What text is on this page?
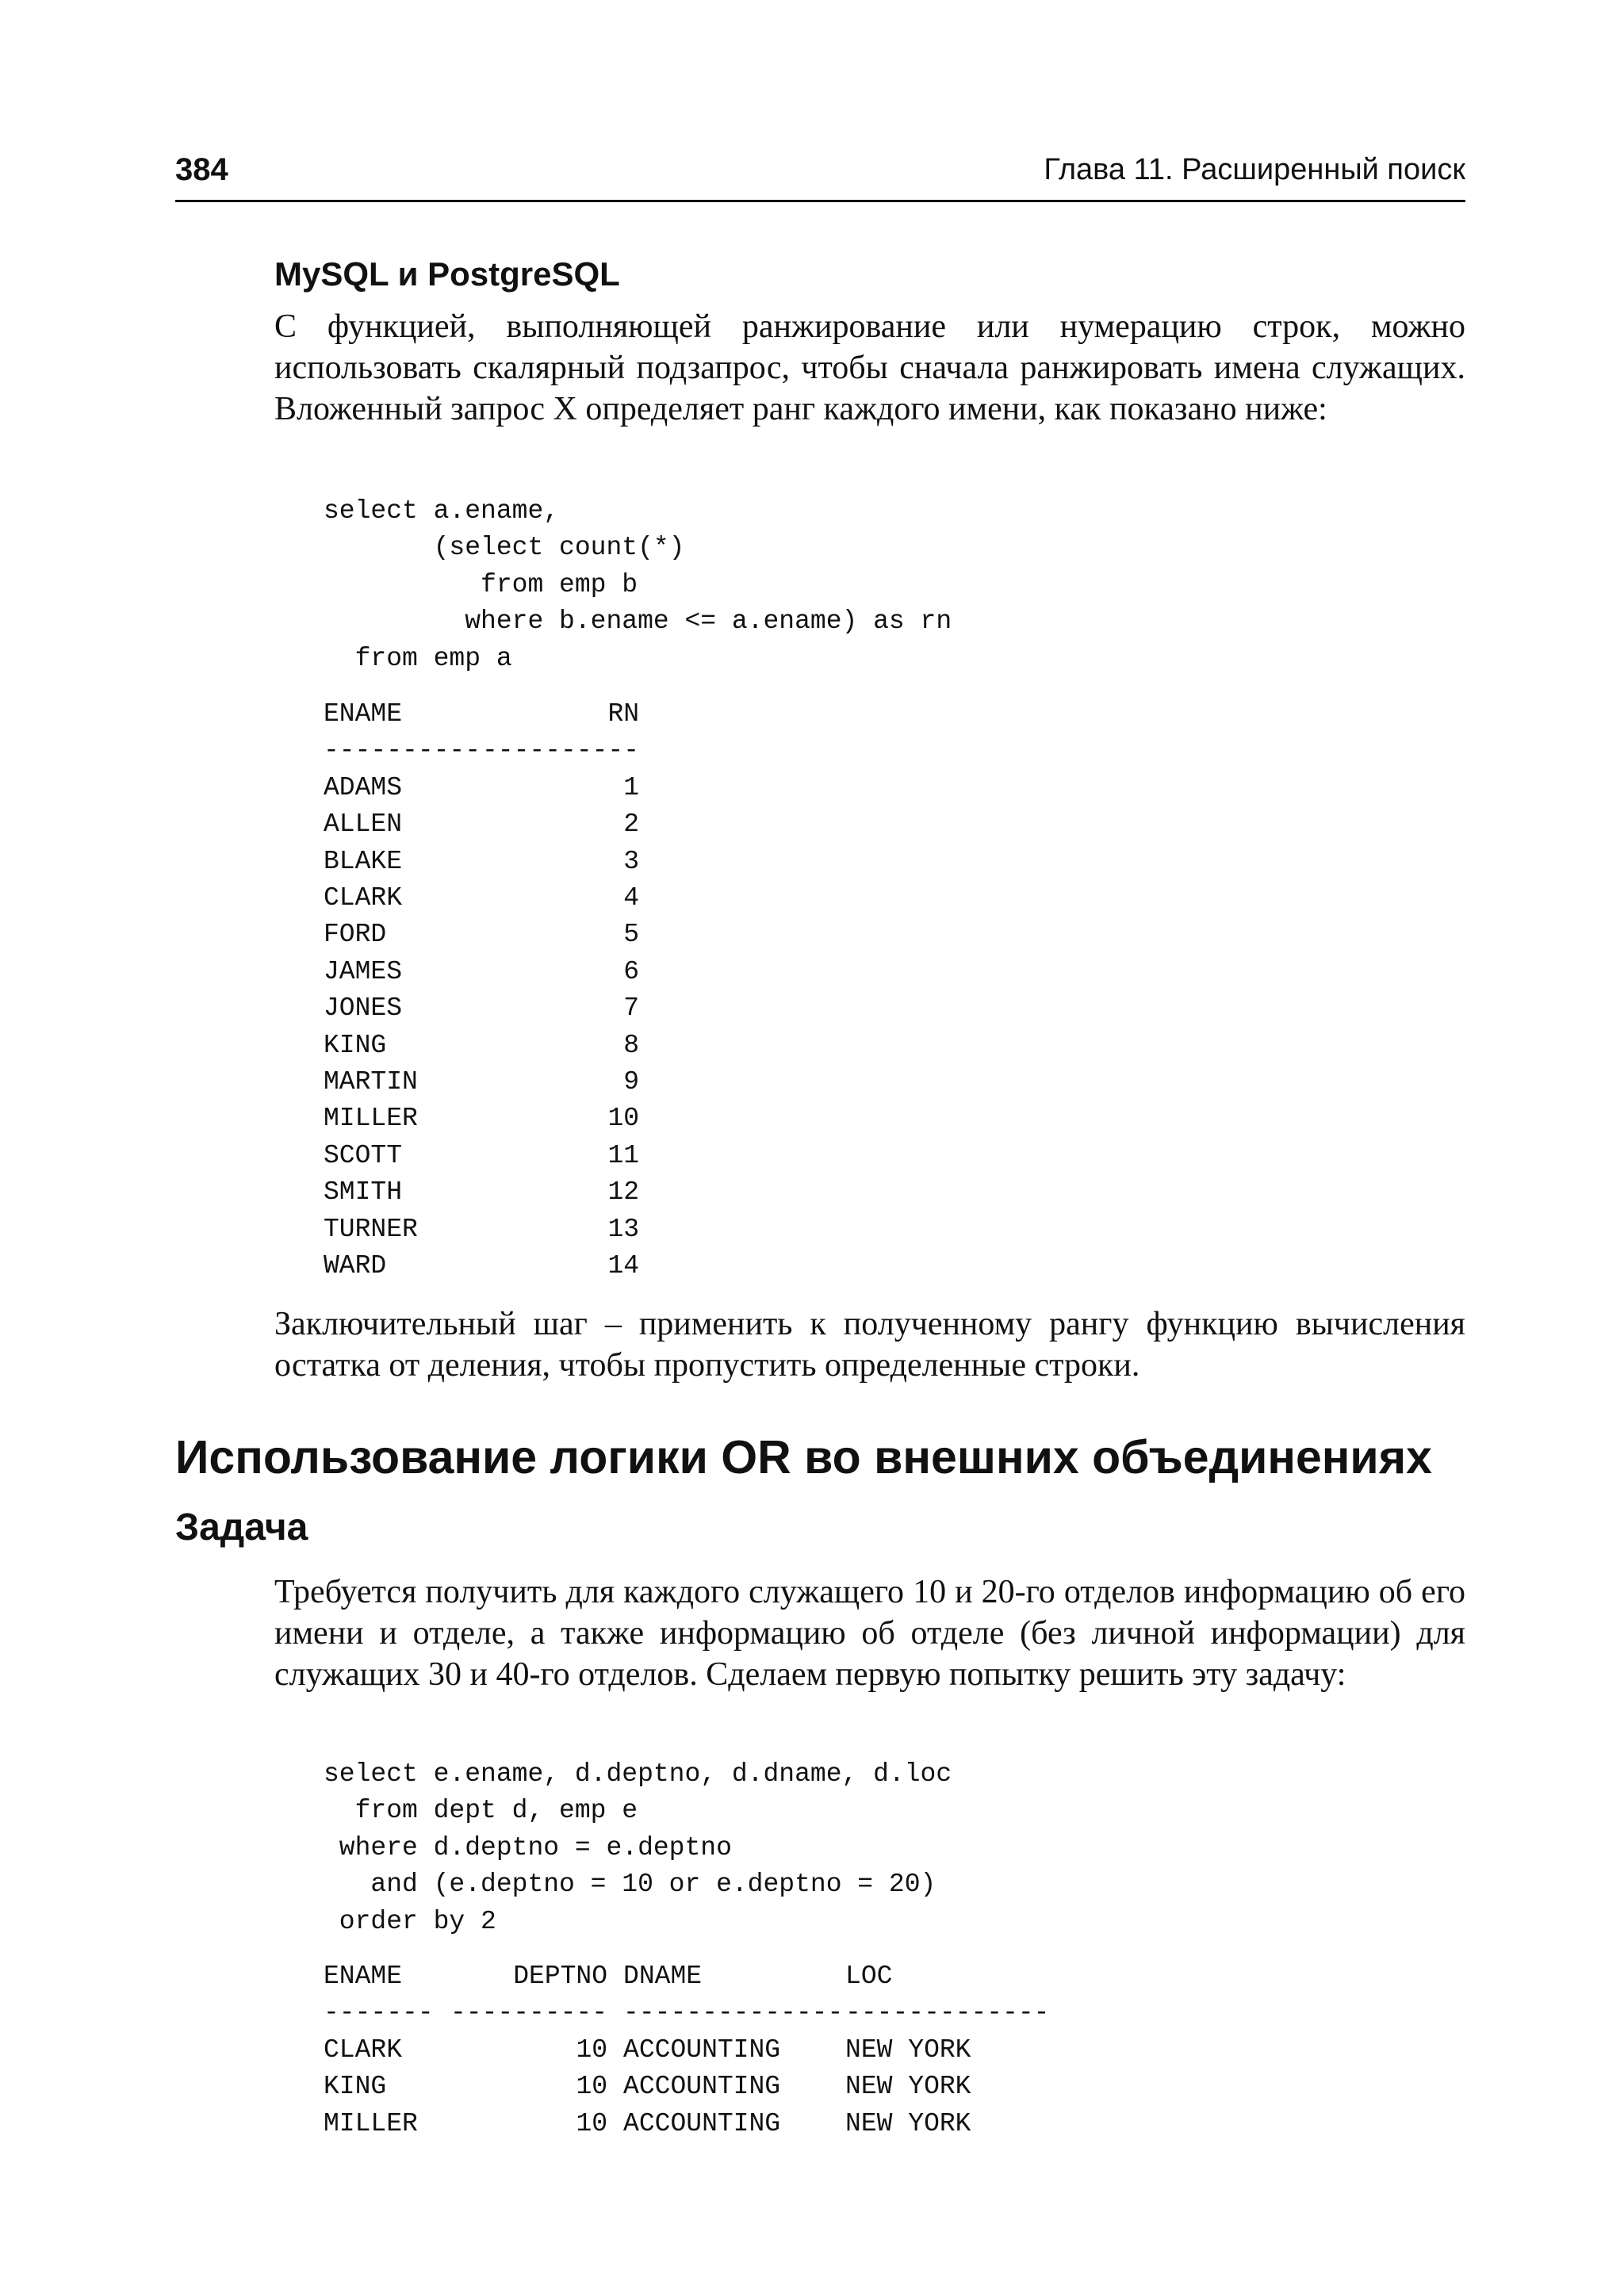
384	Глава 11. Расширенный поиск
MySQL и PostgreSQL

С функцией, выполняющей ранжирование или нумерацию строк, можно использовать скалярный подзапрос, чтобы сначала ранжировать имена служащих. Вложенный запрос X определяет ранг каждого имени, как показано ниже:

select a.ename,
(select count(*)
from emp b
where b.ename <= a.ename) as rn
from emp a
ENAME	RN
----------	----------
ADAMS	1
ALLEN	2
BLAKE	3
CLARK	4
FORD	5
JAMES	6
JONES	7
KING	8
MARTIN	9
MILLER	10
SCOTT	11
SMITH	12
TURNER	13
WARD	14

Заключительный шаг – применить к полученному рангу функцию вычисления остатка от деления, чтобы пропустить определенные строки.

Использование логики OR во внешних объединениях
Задача

Требуется получить для каждого служащего 10 и 20-го отделов информацию об его имени и отделе, а также информацию об отделе (без личной информации) для служащих 30 и 40-го отделов. Сделаем первую попытку решить эту задачу:

select e.ename, d.deptno, d.dname, d.loc
from dept d, emp e
where d.deptno = e.deptno
and (e.deptno = 10 or e.deptno = 20)
order by 2
ENAME	DEPTNO	DNAME	LOC
-------	----------	--------------	-------------
CLARK	10	ACCOUNTING	NEW YORK
KING	10	ACCOUNTING	NEW YORK
MILLER	10	ACCOUNTING	NEW YORK
